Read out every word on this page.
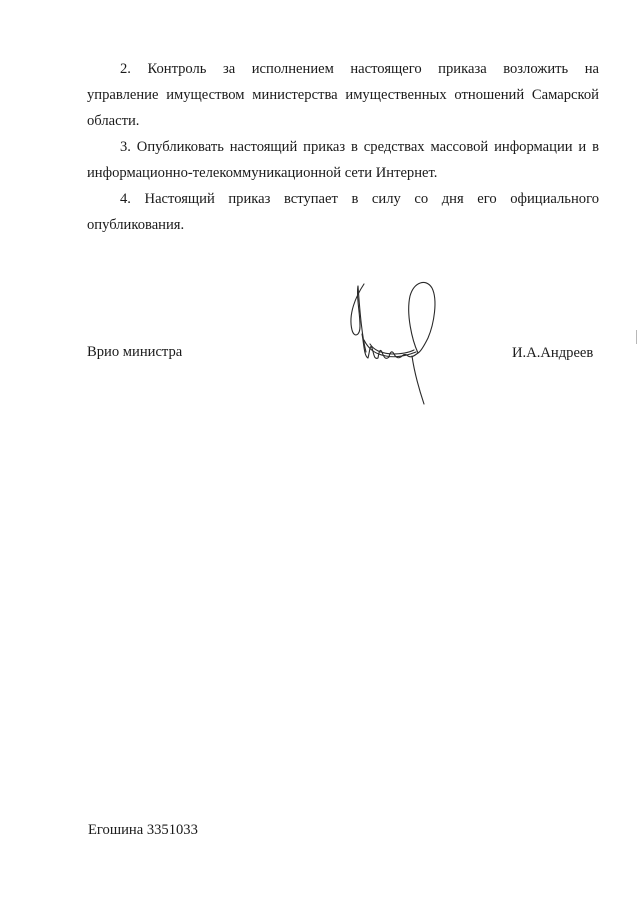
2. Контроль за исполнением настоящего приказа возложить на
управление имуществом министерства имущественных отношений Самарской
области.

3. Опубликовать настоящий приказ в средствах массовой информации и в
информационно-телекоммуникационной сети Интернет.

4. Настоящий приказ вступает в силу со дня его официального
опубликования.

Врио министра	И.А.Андреев
Егошина 3351033
